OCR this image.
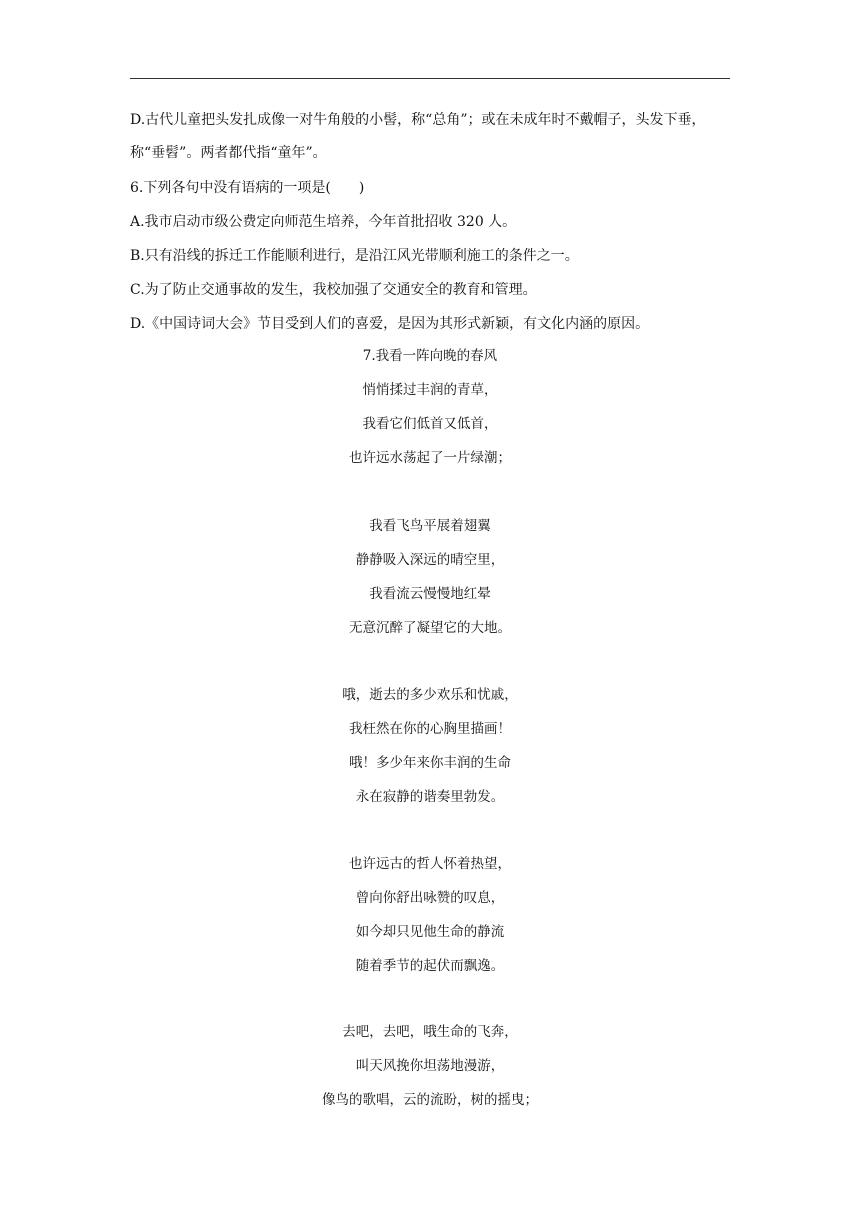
D.古代儿童把头发扎成像一对牛角般的小髻，称“总角”；或在未成年时不戴帽子，头发下垂，称“垂髫”。两者都代指“童年”。
6.下列各句中没有语病的一项是(　　)
A.我市启动市级公费定向师范生培养，今年首批招收 320 人。
B.只有沿线的拆迁工作能顺利进行，是沿江风光带顺利施工的条件之一。
C.为了防止交通事故的发生，我校加强了交通安全的教育和管理。
D.《中国诗词大会》节目受到人们的喜爱，是因为其形式新颖，有文化内涵的原因。
7.我看一阵向晚的春风
悄悄揉过丰润的青草，
我看它们低首又低首，
也许远水荡起了一片绿潮；
我看飞鸟平展着翅翼
静静吸入深远的晴空里，
我看流云慢慢地红晕
无意沉醉了凝望它的大地。
哦，逝去的多少欢乐和忧戚，
我枉然在你的心胸里描画！
哦！多少年来你丰润的生命
永在寂静的谐奏里勃发。
也许远古的哲人怀着热望，
曾向你舒出咏赞的叹息，
如今却只见他生命的静流
随着季节的起伏而飘逸。
去吧，去吧，哦生命的飞奔，
叫天风挽你坦荡地漫游，
像鸟的歌唱，云的流盼，树的摇曳；
